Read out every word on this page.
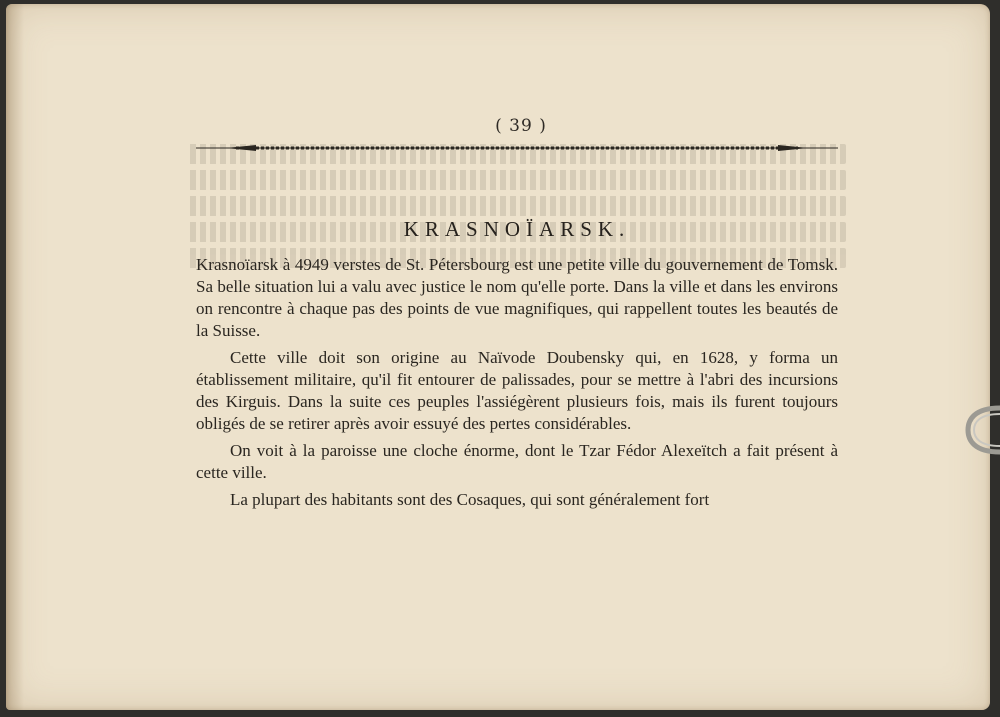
( 39 )
KRASNOÏARSK.

Krasnoïarsk à 4949 verstes de St. Pétersbourg est une petite ville du gouvernement de Tomsk. Sa belle situation lui a valu avec justice le nom qu'elle porte. Dans la ville et dans les environs on rencontre à chaque pas des points de vue magnifiques, qui rappellent toutes les beautés de la Suisse.

Cette ville doit son origine au Naïvode Doubensky qui, en 1628, y forma un établissement militaire, qu'il fit entourer de palissades, pour se mettre à l'abri des incursions des Kirguis. Dans la suite ces peuples l'assiégèrent plusieurs fois, mais ils furent toujours obligés de se retirer après avoir essuyé des pertes considérables.

On voit à la paroisse une cloche énorme, dont le Tzar Fédor Alexeïtch a fait présent à cette ville.

La plupart des habitants sont des Cosaques, qui sont généralement fort
